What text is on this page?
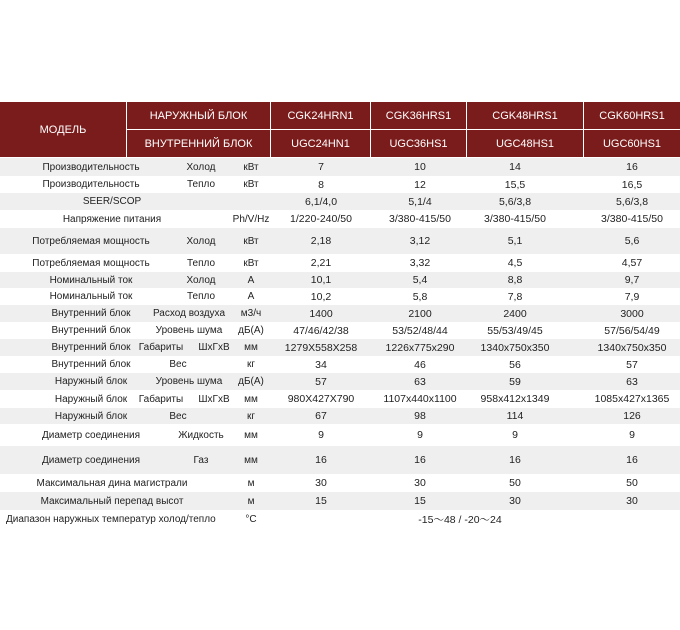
МОДЕЛЬ
НАРУЖНЫЙ БЛОК	CGK24HRN1	CGK36HRS1	CGK48HRS1	CGK60HRS1
ВНУТРЕННИЙ БЛОК	UGC24HN1	UGC36HS1	UGC48HS1	UGC60HS1
Производительность	Холод	кВт	7	10	14	16
Производительность	Тепло	кВт	8	12	15,5	16,5
SEER/SCOP	6,1/4,0	5,1/4	5,6/3,8	5,6/3,8
Напряжение питания	Ph/V/Hz	1/220-240/50	3/380-415/50	3/380-415/50	3/380-415/50
Потребляемая мощность	Холод	кВт	2,18	3,12	5,1	5,6
Потребляемая мощность	Тепло	кВт	2,21	3,32	4,5	4,57
Номинальный ток	Холод	А	10,1	5,4	8,8	9,7
Номинальный ток	Тепло	А	10,2	5,8	7,8	7,9
Внутренний блок	Расход воздуха	м3/ч	1400	2100	2400	3000
Внутренний блок	Уровень шума	дБ(А)	47/46/42/38	53/52/48/44	55/53/49/45	57/56/54/49
Внутренний блок Габариты	ШхГхВ	мм	1279Х558Х258	1226х775х290	1340х750х350	1340х750х350
Внутренний блок	Вес	кг	34	46	56	57
Наружный блок	Уровень шума	дБ(А)	57	63	59	63
Наружный блок	Габариты	ШхГхВ	мм	980X427X790	1107х440х1100	958х412х1349	1085х427х1365
Наружный блок	Вес	кг	67	98	114	126
Диаметр соединения	Жидкость	мм	9	9	9	9
Диаметр соединения	Газ	мм	16	16	16	16
Максимальная дина магистрали	м	30	30	50	50
Максимальный перепад высот	м	15	15	30	30
Диапазон наружных температур холод/тепло	°С	-15～48 / -20～24
